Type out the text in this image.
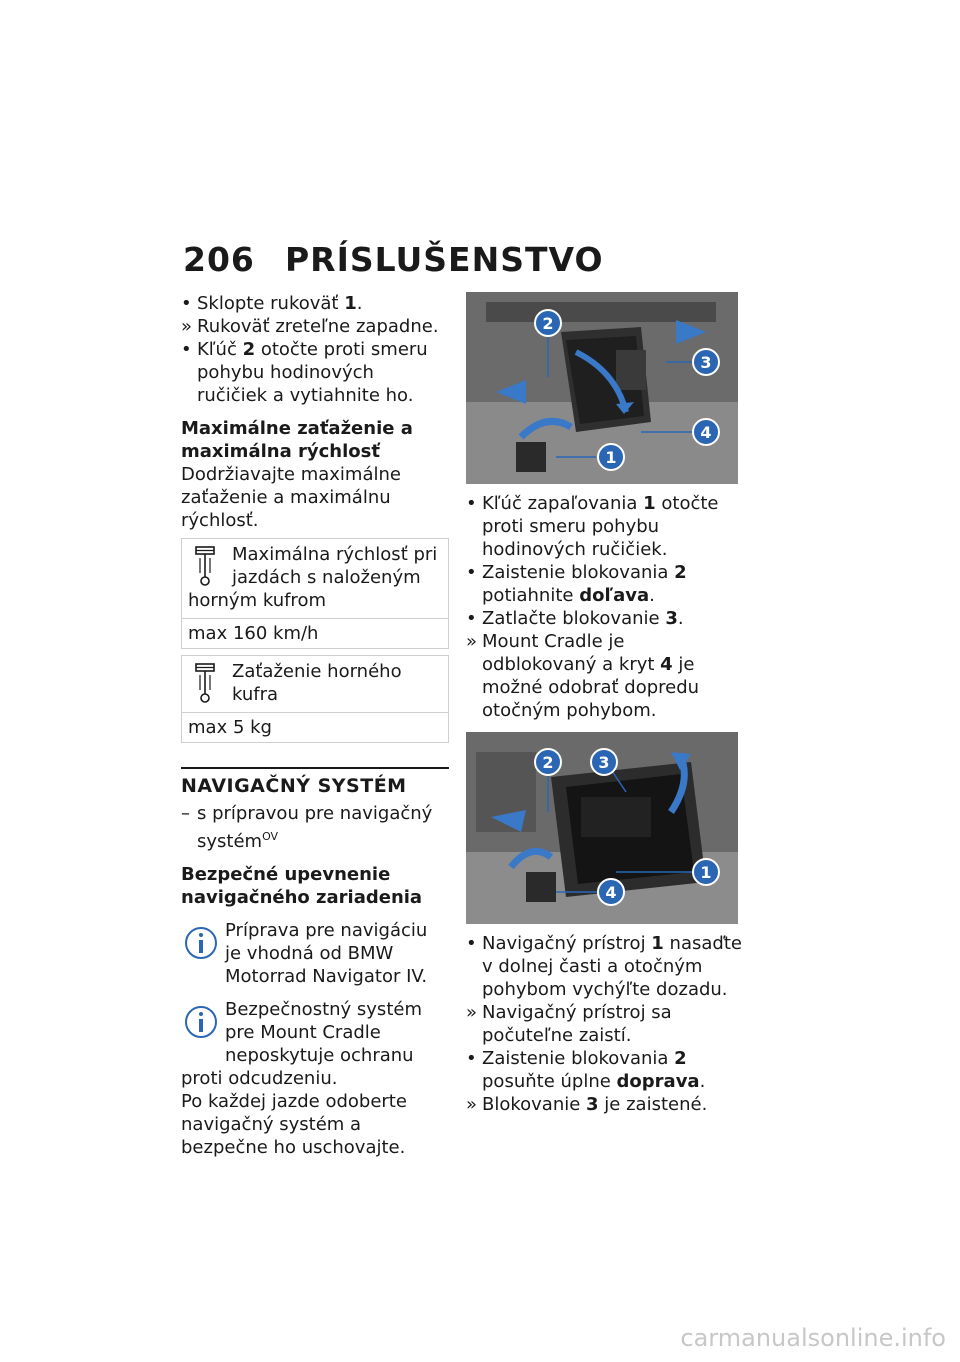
206 PRÍSLUŠENSTVO
• Sklopte rukoväť 1.
» Rukoväť zreteľne zapadne.
• Kľúč 2 otočte proti smeru pohybu hodinových ručičiek a vytiahnite ho.
Maximálne zaťaženie a maximálna rýchlosť

Dodržiavajte maximálne zaťaženie a maximálnu rýchlosť.

Maximálna rýchlosť pri jazdách s naloženým horným kufrom
max 160 km/h
Zaťaženie horného kufra
max 5 kg
NAVIGAČNÝ SYSTÉM
– s prípravou pre navigačný systém$^{OV}$
Bezpečné upevnenie navigačného zariadenia
Príprava pre navigáciu je vhodná od BMW Motorrad Navigator IV.
Bezpečnostný systém pre Mount Cradle neposkytuje ochranu proti odcudzeniu.

Po každej jazde odoberte navigačný systém a bezpečne ho uschovajte.

2
3
4
1
• Kľúč zapaľovania 1 otočte proti smeru pohybu hodinových ručičiek.
• Zaistenie blokovania 2 potiahnite doľava.
• Zatlačte blokovanie 3.
» Mount Cradle je odblokovaný a kryt 4 je možné odobrať dopredu otočným pohybom.
2	3
1
4
• Navigačný prístroj 1 nasaďte v dolnej časti a otočným pohybom vychýľte dozadu.
» Navigačný prístroj sa počuteľne zaistí.
• Zaistenie blokovania 2 posuňte úplne doprava.
» Blokovanie 3 je zaistené.
carmanualsonline.info
